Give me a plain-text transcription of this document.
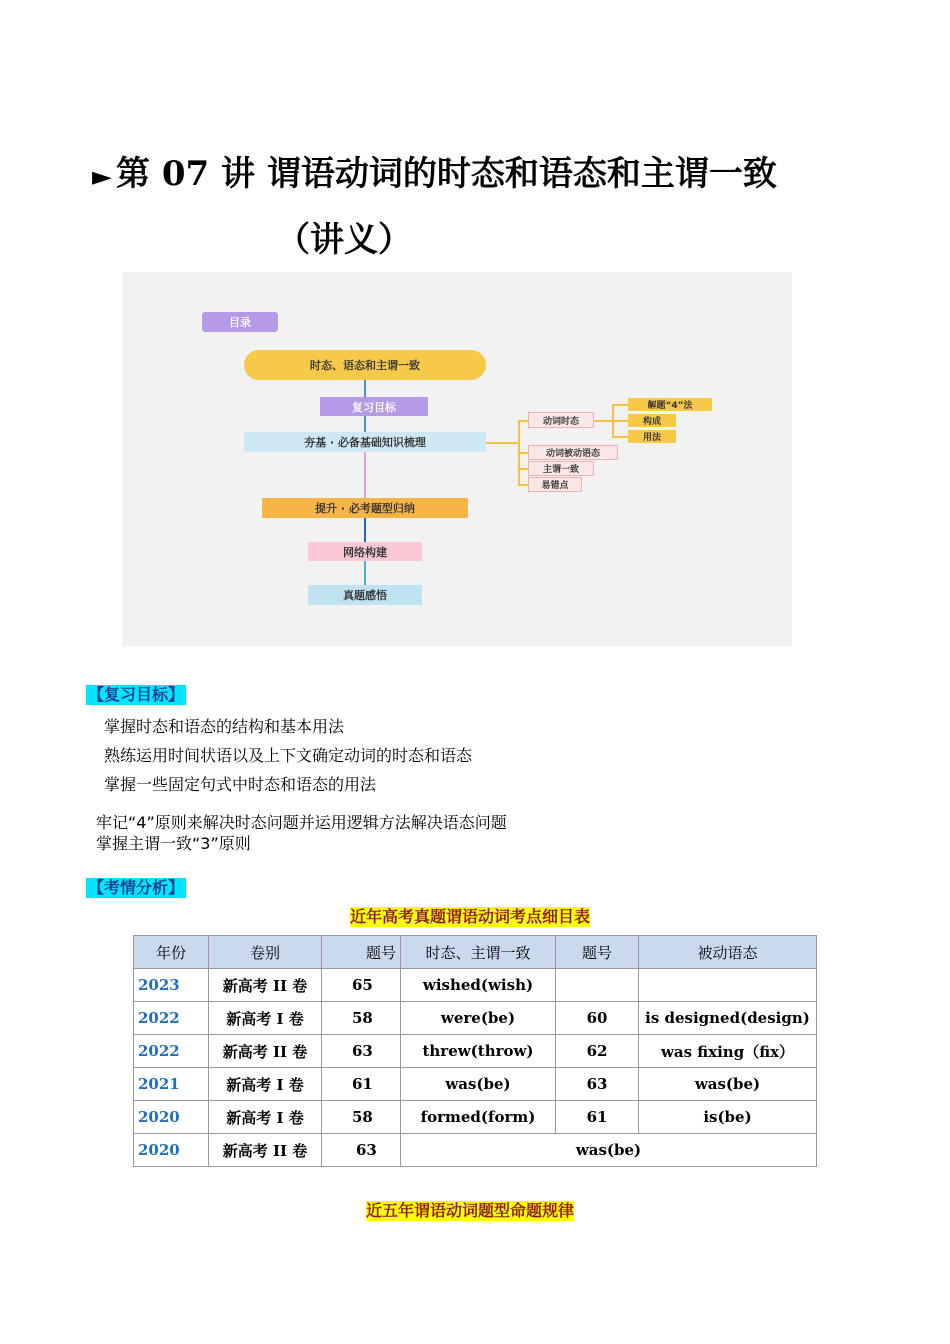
► 第 07 讲 谓语动词的时态和语态和主谓一致
（讲义）
目录
时态、语态和主谓一致
复习目标
夯基 · 必备基础知识梳理
提升 · 必考题型归纳
网络构建
真题感悟
动词时态
动词被动语态
主谓一致
易错点
解题“4”法
构成
用法
【复习目标】
掌握时态和语态的结构和基本用法
熟练运用时间状语以及上下文确定动词的时态和语态
掌握一些固定句式中时态和语态的用法
牢记“4”原则来解决时态问题并运用逻辑方法解决语态问题
掌握主谓一致“3”原则
【考情分析】
近年高考真题谓语动词考点细目表
年份	卷别	题号	时态、主谓一致	题号	被动语态
2023	新高考 II 卷	65	wished(wish)		
2022	新高考 I 卷	58	were(be)	60	is designed(design)
2022	新高考 II 卷	63	threw(throw)	62	was fixing（fix）
2021	新高考 I 卷	61	was(be)	63	was(be)
2020	新高考 I 卷	58	formed(form)	61	is(be)
2020	新高考 II 卷	63	was(be)		
近五年谓语动词题型命题规律
